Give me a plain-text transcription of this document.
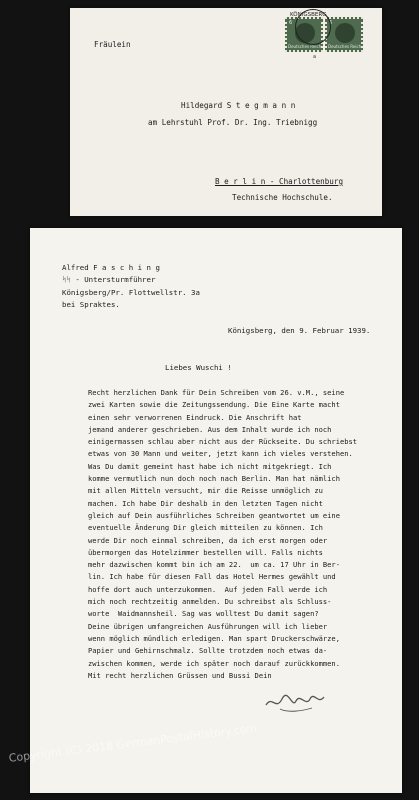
6
Deutsches Reich
6
Deutsches Reich
KÖNIGSBERG
a
Fräulein
Hildegard S t e g m a n n
am Lehrstuhl Prof. Dr. Ing. Triebnigg
B e r l i n - Charlottenburg
Technische Hochschule.
Alfred F a s c h i n g
ᛋᛋ - Untersturmführer
Königsberg/Pr. Flottwellstr. 3a
bei Spraktes.
Königsberg, den 9. Februar 1939.
Liebes Wuschi !
Recht herzlichen Dank für Dein Schreiben vom 26. v.M., seine
zwei Karten sowie die Zeitungssendung. Die Eine Karte macht
einen sehr verworrenen Eindruck. Die Anschrift hat
jemand anderer geschrieben. Aus dem Inhalt wurde ich noch
einigermassen schlau aber nicht aus der Rückseite. Du schriebst
etwas von 30 Mann und weiter, jetzt kann ich vieles verstehen.
Was Du damit gemeint hast habe ich nicht mitgekriegt. Ich
komme vermutlich nun doch noch nach Berlin. Man hat nämlich
mit allen Mitteln versucht, mir die Reisse unmöglich zu
machen. Ich habe Dir deshalb in den letzten Tagen nicht
gleich auf Dein ausführliches Schreiben geantwortet um eine
eventuelle Änderung Dir gleich mitteilen zu können. Ich
werde Dir noch einmal schreiben, da ich erst morgen oder
übermorgen das Hotelzimmer bestellen will. Falls nichts
mehr dazwischen kommt bin ich am 22.  um ca. 17 Uhr in Ber-
lin. Ich habe für diesen Fall das Hotel Hermes gewählt und
hoffe dort auch unterzukommen.  Auf jeden Fall werde ich
mich noch rechtzeitig anmelden. Du schreibst als Schluss-
worte  Waidmannsheil. Sag was wolltest Du damit sagen?
Deine übrigen umfangreichen Ausführungen will ich lieber
wenn möglich mündlich erledigen. Man spart Druckerschwärze,
Papier und Gehirnschmalz. Sollte trotzdem noch etwas da-
zwischen kommen, werde ich später noch darauf zurückkommen.
Mit recht herzlichen Grüssen und Bussi Dein
Copyright (C) 2018 GermanPostalHistory.com
